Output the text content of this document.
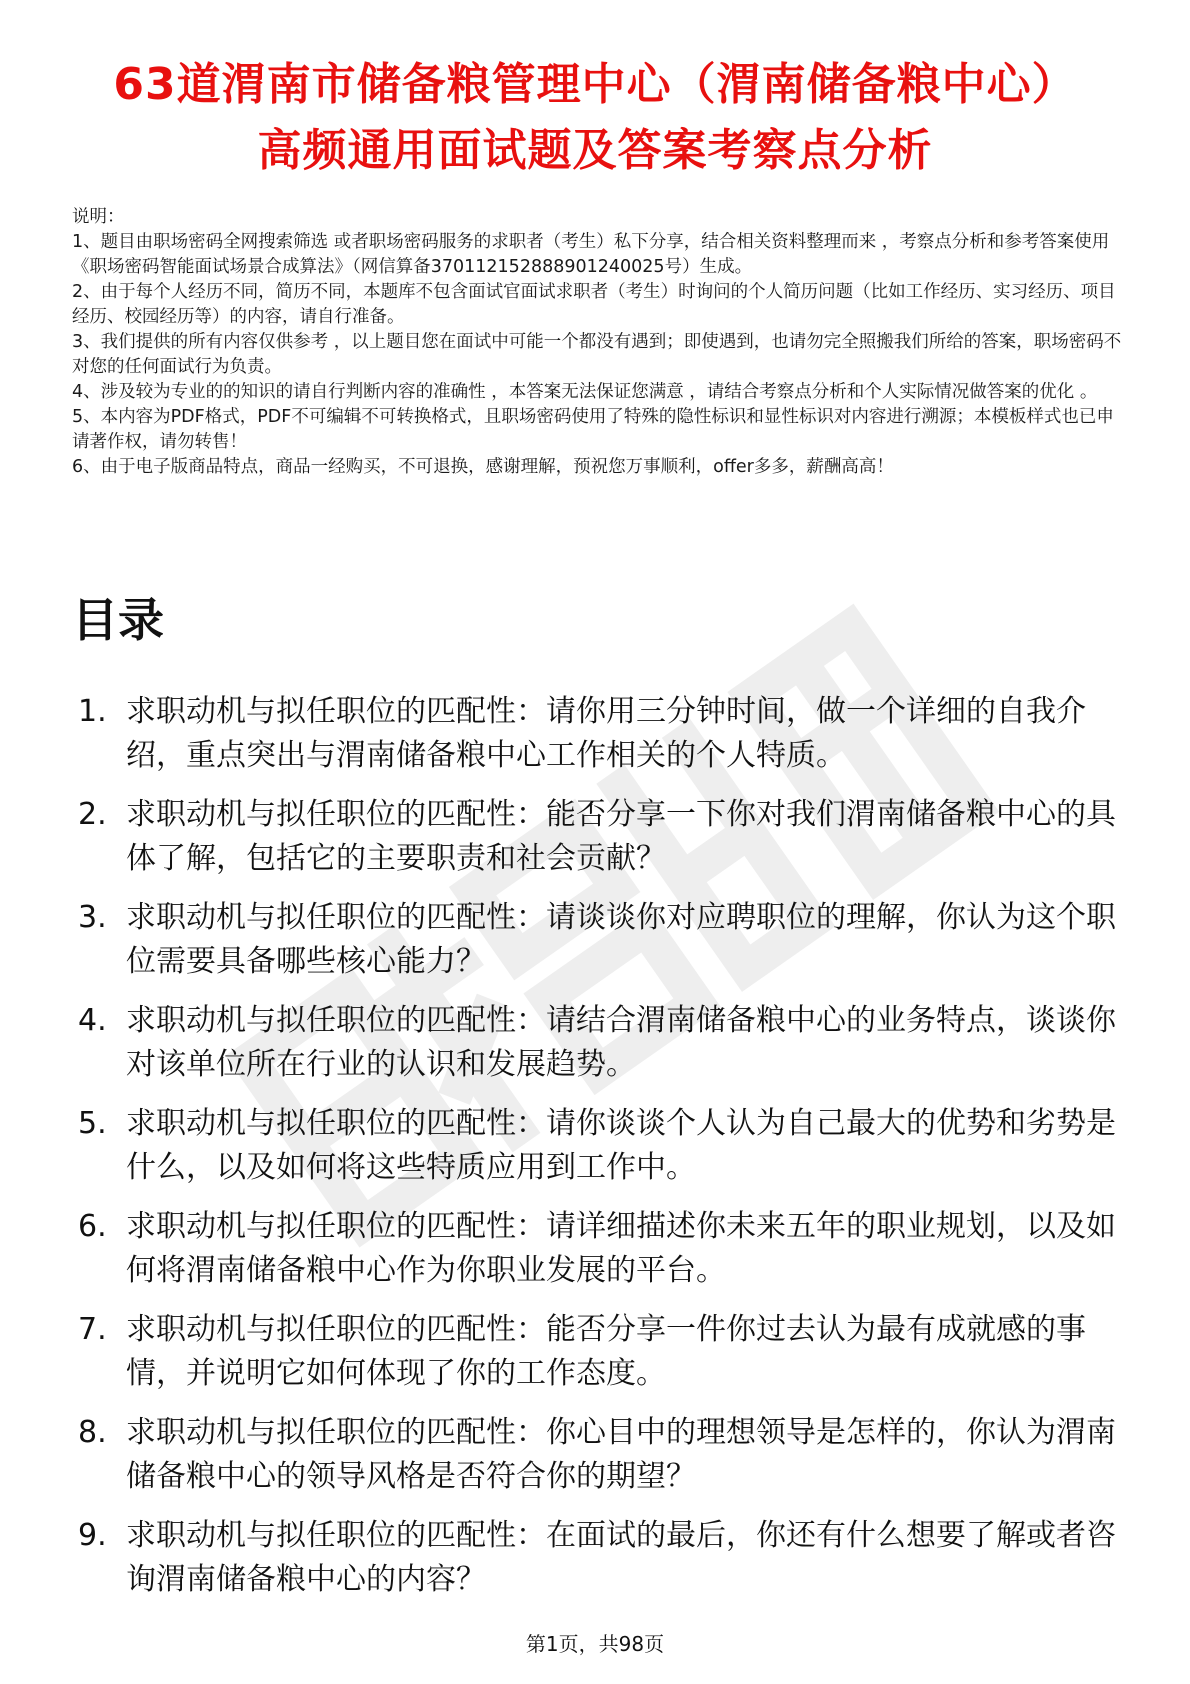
63道渭南市储备粮管理中心（渭南储备粮中心）高频通用面试题及答案考察点分析
说明：
1、题目由职场密码全网搜索筛选 或者职场密码服务的求职者（考生）私下分享，结合相关资料整理而来 ，考察点分析和参考答案使用《职场密码智能面试场景合成算法》（网信算备370112152888901240025号）生成。
2、由于每个人经历不同，简历不同，本题库不包含面试官面试求职者（考生）时询问的个人简历问题（比如工作经历、实习经历、项目经历、校园经历等）的内容，请自行准备。
3、我们提供的所有内容仅供参考 ，以上题目您在面试中可能一个都没有遇到；即使遇到，也请勿完全照搬我们所给的答案，职场密码不对您的任何面试行为负责。
4、涉及较为专业的的知识的请自行判断内容的准确性 ，本答案无法保证您满意 ，请结合考察点分析和个人实际情况做答案的优化 。
5、本内容为PDF格式，PDF不可编辑不可转换格式，且职场密码使用了特殊的隐性标识和显性标识对内容进行溯源；本模板样式也已申请著作权，请勿转售！
6、由于电子版商品特点，商品一经购买，不可退换，感谢理解，预祝您万事顺利，offer多多，薪酬高高！
目录
1. 求职动机与拟任职位的匹配性：请你用三分钟时间，做一个详细的自我介绍，重点突出与渭南储备粮中心工作相关的个人特质。
2. 求职动机与拟任职位的匹配性：能否分享一下你对我们渭南储备粮中心的具体了解，包括它的主要职责和社会贡献？
3. 求职动机与拟任职位的匹配性：请谈谈你对应聘职位的理解，你认为这个职位需要具备哪些核心能力？
4. 求职动机与拟任职位的匹配性：请结合渭南储备粮中心的业务特点，谈谈你对该单位所在行业的认识和发展趋势。
5. 求职动机与拟任职位的匹配性：请你谈谈个人认为自己最大的优势和劣势是什么，以及如何将这些特质应用到工作中。
6. 求职动机与拟任职位的匹配性：请详细描述你未来五年的职业规划，以及如何将渭南储备粮中心作为你职业发展的平台。
7. 求职动机与拟任职位的匹配性：能否分享一件你过去认为最有成就感的事情，并说明它如何体现了你的工作态度。
8. 求职动机与拟任职位的匹配性：你心目中的理想领导是怎样的，你认为渭南储备粮中心的领导风格是否符合你的期望？
9. 求职动机与拟任职位的匹配性：在面试的最后，你还有什么想要了解或者咨询渭南储备粮中心的内容？
第1页，共98页
